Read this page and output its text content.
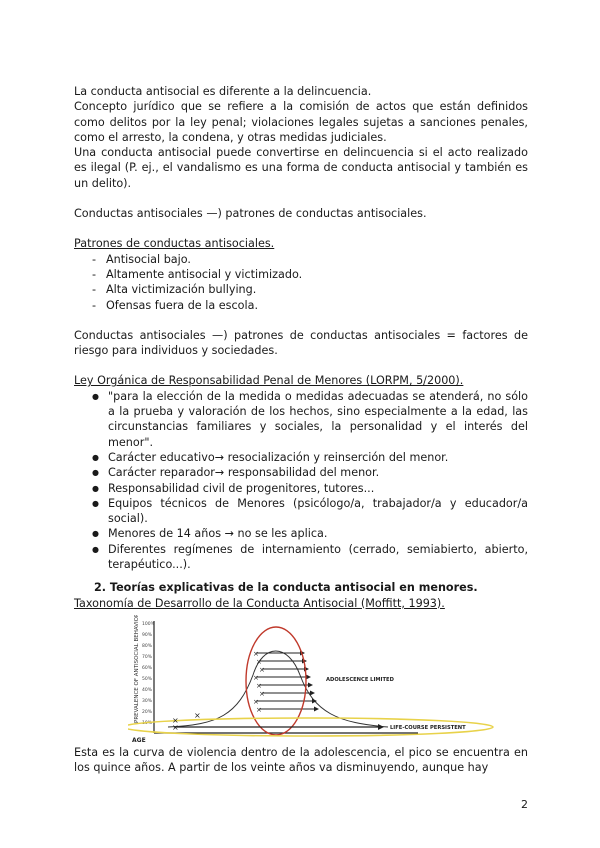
La conducta antisocial es diferente a la delincuencia.

Concepto jurídico que se refiere a la comisión de actos que están definidos como delitos por la ley penal; violaciones legales sujetas a sanciones penales, como el arresto, la condena, y otras medidas judiciales.

Una conducta antisocial puede convertirse en delincuencia si el acto realizado es ilegal (P. ej., el vandalismo es una forma de conducta antisocial y también es un delito).

Conductas antisociales —) patrones de conductas antisociales.

Patrones de conductas antisociales.

- Antisocial bajo.
- Altamente antisocial y victimizado.
- Alta victimización bullying.
- Ofensas fuera de la escola.

Conductas antisociales —) patrones de conductas antisociales = factores de riesgo para individuos y sociedades.

Ley Orgánica de Responsabilidad Penal de Menores (LORPM, 5/2000).

● "para la elección de la medida o medidas adecuadas se atenderá, no sólo a la prueba y valoración de los hechos, sino especialmente a la edad, las circunstancias familiares y sociales, la personalidad y el interés del menor".
● Carácter educativo→ resocialización y reinserción del menor.
● Carácter reparador→ responsabilidad del menor.
● Responsabilidad civil de progenitores, tutores...
● Equipos técnicos de Menores (psicólogo/a, trabajador/a y educador/a social).
● Menores de 14 años → no se les aplica.
● Diferentes regímenes de internamiento (cerrado, semiabierto, abierto, terapéutico...).

2. Teorías explicativas de la conducta antisocial en menores.

Taxonomía de Desarrollo de la Conducta Antisocial (Moffitt, 1993).

PREVALENCE OF ANTISOCIAL BEHAVIOR 100%
90%
80%
70%
60%
50%
40%
30%
20%
10%
AGE
×
×
×
×
×
×
×
×
×
×
×
ADOLESCENCE LIMITED
LIFE-COURSE PERSISTENT

Esta es la curva de violencia dentro de la adolescencia, el pico se encuentra en los quince años. A partir de los veinte años va disminuyendo, aunque hay

2
